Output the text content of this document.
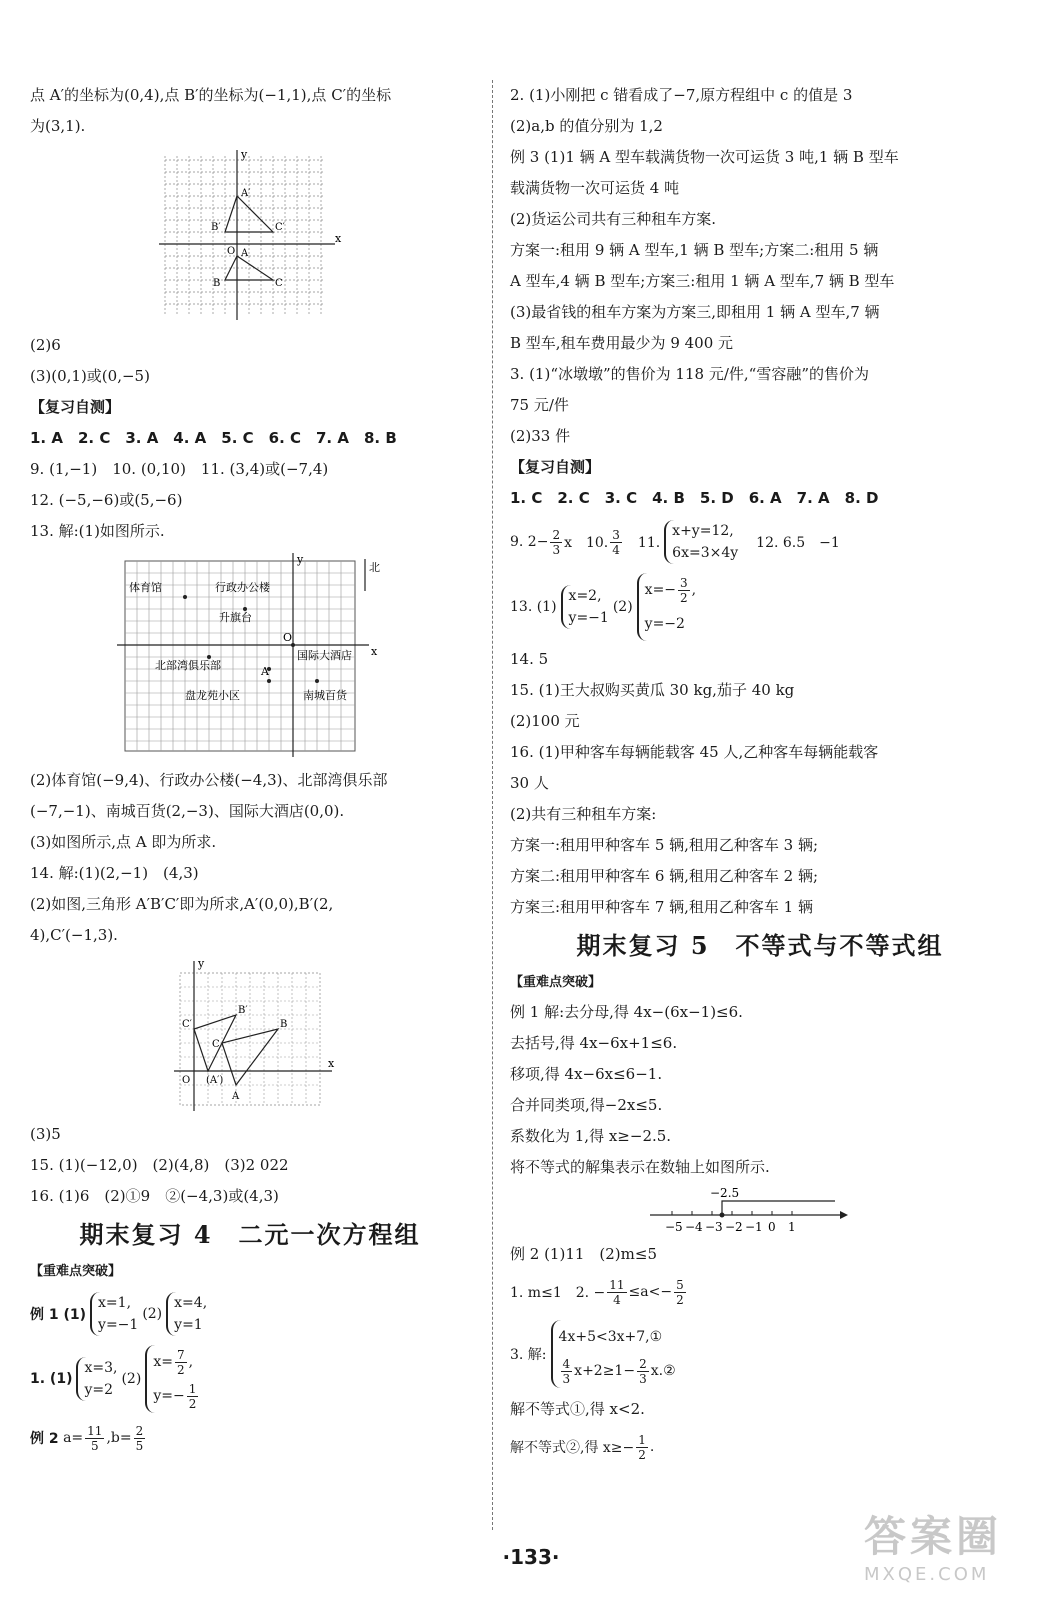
点 A′的坐标为(0,4),点 B′的坐标为(−1,1),点 C′的坐标
为(3,1).
y
x
A′
B′	C′
A
B	C
O
(2)6
(3)(0,1)或(0,−5)
【复习自测】
1. A　2. C　3. A　4. A　5. C　6. C　7. A　8. B
9. (1,−1)　10. (0,10)　11. (3,4)或(−7,4)
12. (−5,−6)或(5,−6)
13. 解:(1)如图所示.
y
x
北
O
A
体育馆	行政办公楼
升旗台
国际大酒店
北部湾俱乐部
盘龙苑小区	南城百货
(2)体育馆(−9,4)、行政办公楼(−4,3)、北部湾俱乐部
(−7,−1)、南城百货(2,−3)、国际大酒店(0,0).
(3)如图所示,点 A 即为所求.
14. 解:(1)(2,−1)　(4,3)
(2)如图,三角形 A′B′C′即为所求,A′(0,0),B′(2,
4),C′(−1,3).
y
x
O (A′)
B′
C′
A
B
C
(3)5
15. (1)(−12,0)　(2)(4,8)　(3)2 022
16. (1)6　(2)①9　②(−4,3)或(4,3)
期末复习 4　二元一次方程组
【重难点突破】
例 1 (1)
x=1,
y=−1
(2)
x=4,
y=1
1. (1)
x=3,
y=2
(2)
$x= \frac{7}{2}$ ,
$y=- \frac{1}{2}$
例 2
$a= \frac{11}{5} ,b= \frac{2}{5}$
2. (1)小刚把 c 错看成了−7,原方程组中 c 的值是 3
(2)a,b 的值分别为 1,2
例 3 (1)1 辆 A 型车载满货物一次可运货 3 吨,1 辆 B 型车
载满货物一次可运货 4 吨
(2)货运公司共有三种租车方案.
方案一:租用 9 辆 A 型车,1 辆 B 型车;方案二:租用 5 辆
A 型车,4 辆 B 型车;方案三:租用 1 辆 A 型车,7 辆 B 型车
(3)最省钱的租车方案为方案三,即租用 1 辆 A 型车,7 辆
B 型车,租车费用最少为 9 400 元
3. (1)“冰墩墩”的售价为 118 元/件,“雪容融”的售价为
75 元/件
(2)33 件
【复习自测】
1. C　2. C　3. C　4. B　5. D　6. A　7. A　8. D
9. $2- \frac{2}{3}$ x　10. $\frac{3}{4}$ 　11.
x+y=12,
6x=3×4y
　12. 6.5　−1
13. (1)
x=2,
y=−1
(2)
$x=- \frac{3}{2}$ ,
y=−2
14. 5
15. (1)王大叔购买黄瓜 30 kg,茄子 40 kg
(2)100 元
16. (1)甲种客车每辆能载客 45 人,乙种客车每辆能载客
30 人
(2)共有三种租车方案:
方案一:租用甲种客车 5 辆,租用乙种客车 3 辆;
方案二:租用甲种客车 6 辆,租用乙种客车 2 辆;
方案三:租用甲种客车 7 辆,租用乙种客车 1 辆
期末复习 5　不等式与不等式组
【重难点突破】
例 1 解:去分母,得 4x−(6x−1)≤6.
去括号,得 4x−6x+1≤6.
移项,得 4x−6x≤6−1.
合并同类项,得−2x≤5.
系数化为 1,得 x≥−2.5.
将不等式的解集表示在数轴上如图所示.
−2.5
−5 −4 −3 −2 −1 0 1
例 2 (1)11　(2)m≤5
1. m≤1　2. − $\frac{11}{4} \le a<- \frac{5}{2}$
3. 解:
4x+5<3x+7,①
$\frac{4}{3} x+2\ge 1- \frac{2}{3}$ x.②
解不等式①,得 x<2.
解不等式②,得 $x\ge- \frac{1}{2}$ .
·133·	答案圈
MXQE.COM
